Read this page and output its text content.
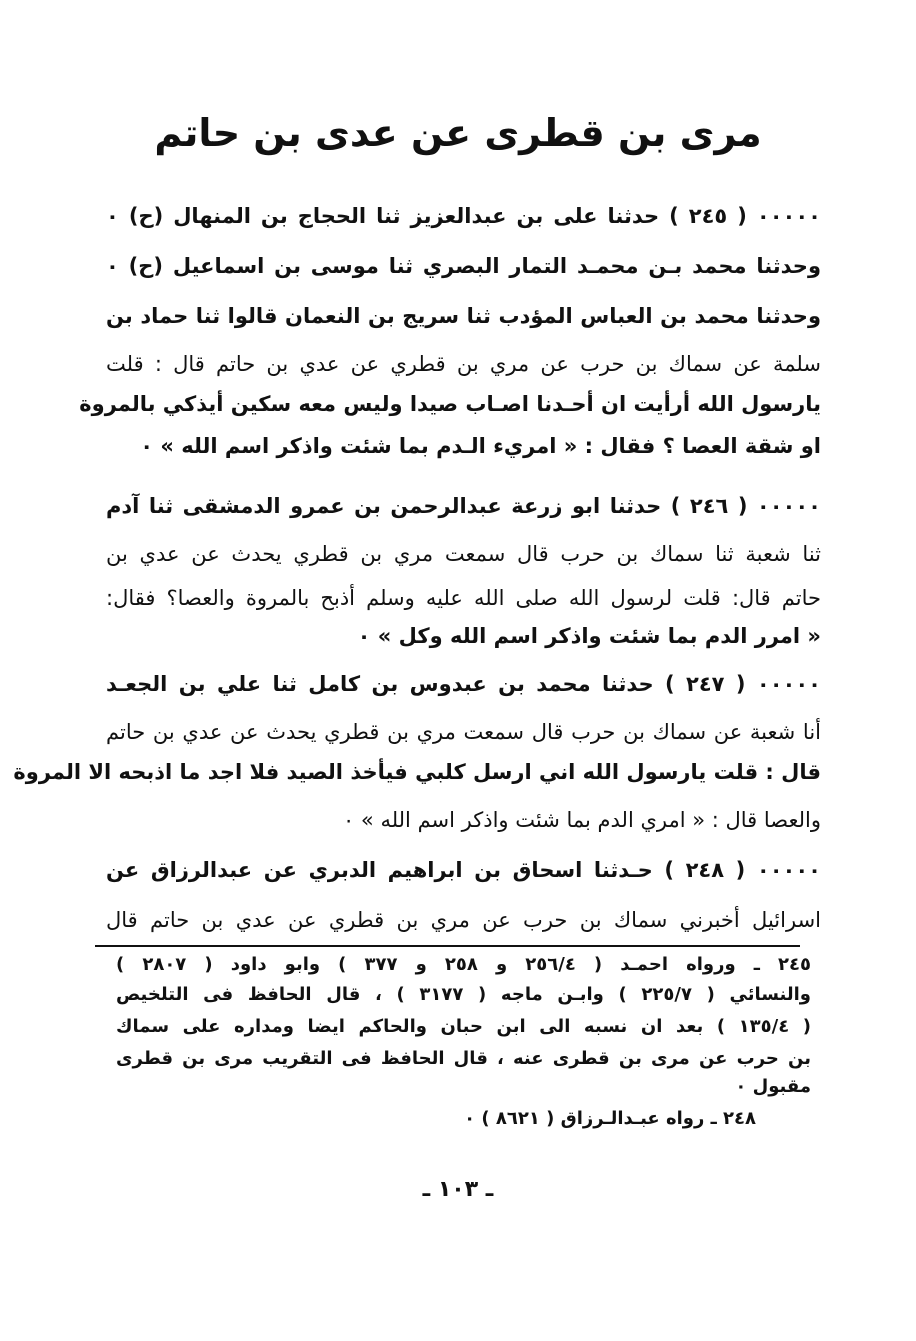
مرى بن قطرى عن عدى بن حاتم
٠٠٠٠٠ ( ٢٤٥ ) حدثنا على بن عبدالعزيز ثنا الحجاج بن المنهال (ح) ٠
وحدثنا محمد بـن محمـد التمار البصري ثنا موسى بن اسماعيل (ح) ٠
وحدثنا محمد بن العباس المؤدب ثنا سريج بن النعمان قالوا ثنا حماد بن
سلمة عن سماك بن حرب عن مري بن قطري عن عدي بن حاتم قال : قلت
يارسول الله أرأيت ان أحـدنا اصـاب صيدا وليس معه سكين أيذكي بالمروة
او شقة العصا ؟ فقال : « امريء الـدم بما شئت واذكر اسم الله » ٠
٠٠٠٠٠ ( ٢٤٦ ) حدثنا ابو زرعة عبدالرحمن بن عمرو الدمشقى ثنا آدم
ثنا شعبة ثنا سماك بن حرب قال سمعت مري بن قطري يحدث عن عدي بن
حاتم قال: قلت لرسول الله صلى الله عليه وسلم أذبح بالمروة والعصا؟ فقال:
« امرر الدم بما شئت واذكر اسم الله وكل » ٠
٠٠٠٠٠ ( ٢٤٧ ) حدثنا محمد بن عبدوس بن كامل ثنا علي بن الجعـد
أنا شعبة عن سماك بن حرب قال سمعت مري بن قطري يحدث عن عدي بن حاتم
قال : قلت يارسول الله اني ارسل كلبي فيأخذ الصيد فلا اجد ما اذبحه الا المروة
والعصا قال : « امري الدم بما شئت واذكر اسم الله » ٠
٠٠٠٠٠ ( ٢٤٨ ) حـدثنا اسحاق بن ابراهيم الدبري عن عبدالرزاق عن
اسرائيل أخبرني سماك بن حرب عن مري بن قطري عن عدي بن حاتم قال
٢٤٥ ـ ورواه احمـد ( ٢٥٦/٤ و ٢٥٨ و ٣٧٧ ) وابو داود ( ٢٨٠٧ )
والنسائي ( ٢٢٥/٧ ) وابـن ماجه ( ٣١٧٧ ) ، قال الحافظ فى التلخيص
( ١٣٥/٤ ) بعد ان نسبه الى ابن حبان والحاكم ايضا ومداره على سماك
بن حرب عن مرى بن قطرى عنه ، قال الحافظ فى التقريب مرى بن قطرى
مقبول ٠
٢٤٨ ـ رواه عبـدالـرزاق ( ٨٦٢١ ) ٠
ـ ١٠٣ ـ
